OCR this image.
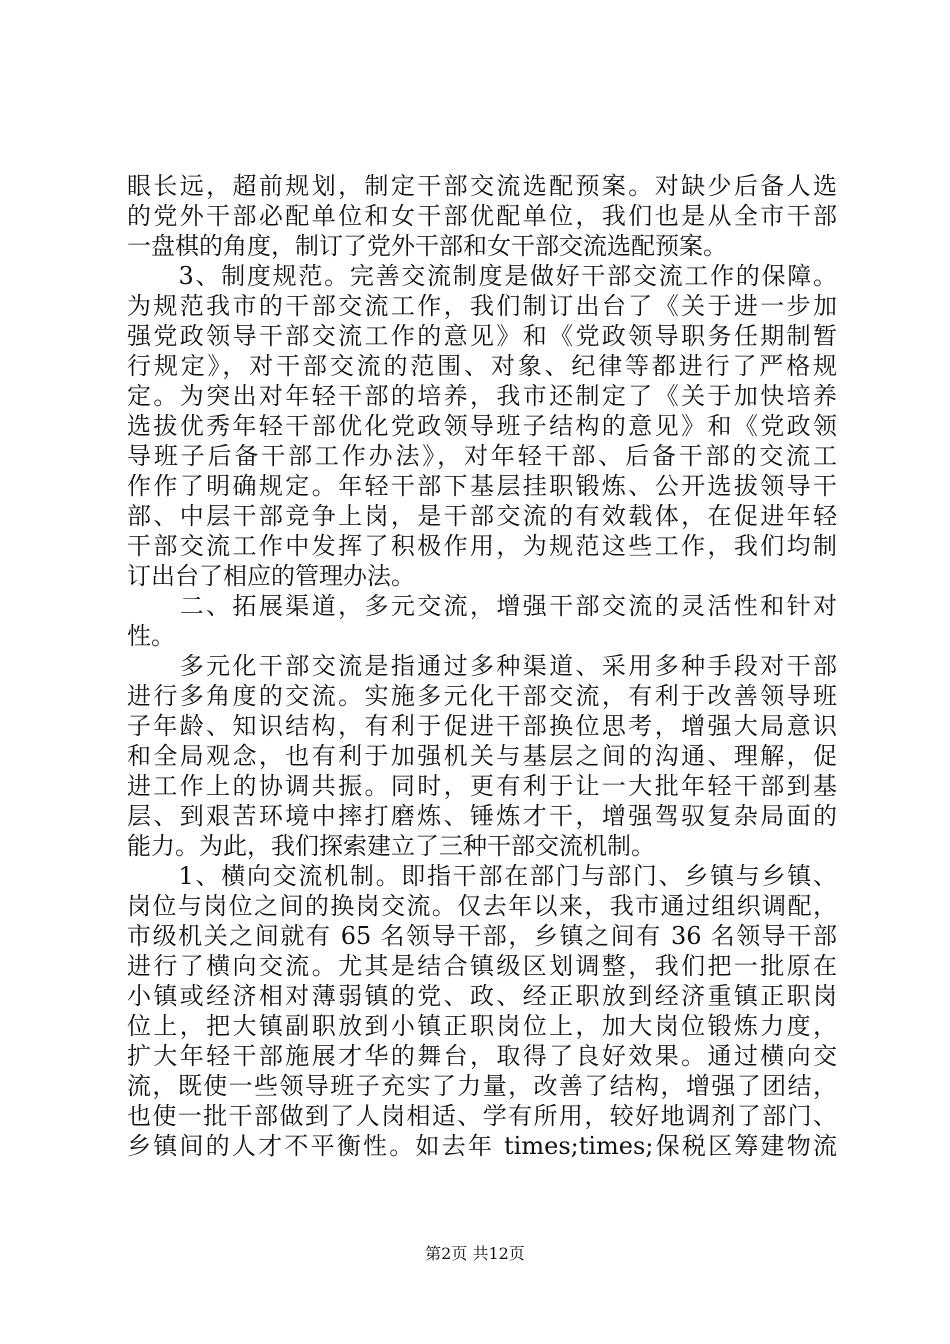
眼长远，超前规划，制定干部交流选配预案。对缺少后备人选
的党外干部必配单位和女干部优配单位，我们也是从全市干部
一盘棋的角度，制订了党外干部和女干部交流选配预案。
　　3、制度规范。完善交流制度是做好干部交流工作的保障。
为规范我市的干部交流工作，我们制订出台了《关于进一步加
强党政领导干部交流工作的意见》和《党政领导职务任期制暂
行规定》，对干部交流的范围、对象、纪律等都进行了严格规
定。为突出对年轻干部的培养，我市还制定了《关于加快培养
选拔优秀年轻干部优化党政领导班子结构的意见》和《党政领
导班子后备干部工作办法》，对年轻干部、后备干部的交流工
作作了明确规定。年轻干部下基层挂职锻炼、公开选拔领导干
部、中层干部竞争上岗，是干部交流的有效载体，在促进年轻
干部交流工作中发挥了积极作用，为规范这些工作，我们均制
订出台了相应的管理办法。
　　二、拓展渠道，多元交流，增强干部交流的灵活性和针对
性。
　　多元化干部交流是指通过多种渠道、采用多种手段对干部
进行多角度的交流。实施多元化干部交流，有利于改善领导班
子年龄、知识结构，有利于促进干部换位思考，增强大局意识
和全局观念，也有利于加强机关与基层之间的沟通、理解，促
进工作上的协调共振。同时，更有利于让一大批年轻干部到基
层、到艰苦环境中摔打磨炼、锤炼才干，增强驾驭复杂局面的
能力。为此，我们探索建立了三种干部交流机制。
　　1、横向交流机制。即指干部在部门与部门、乡镇与乡镇、
岗位与岗位之间的换岗交流。仅去年以来，我市通过组织调配，
市级机关之间就有 65 名领导干部，乡镇之间有 36 名领导干部
进行了横向交流。尤其是结合镇级区划调整，我们把一批原在
小镇或经济相对薄弱镇的党、政、经正职放到经济重镇正职岗
位上，把大镇副职放到小镇正职岗位上，加大岗位锻炼力度，
扩大年轻干部施展才华的舞台，取得了良好效果。通过横向交
流，既使一些领导班子充实了力量，改善了结构，增强了团结，
也使一批干部做到了人岗相适、学有所用，较好地调剂了部门、
乡镇间的人才不平衡性。如去年 times;times;保税区筹建物流
第2页 共12页
